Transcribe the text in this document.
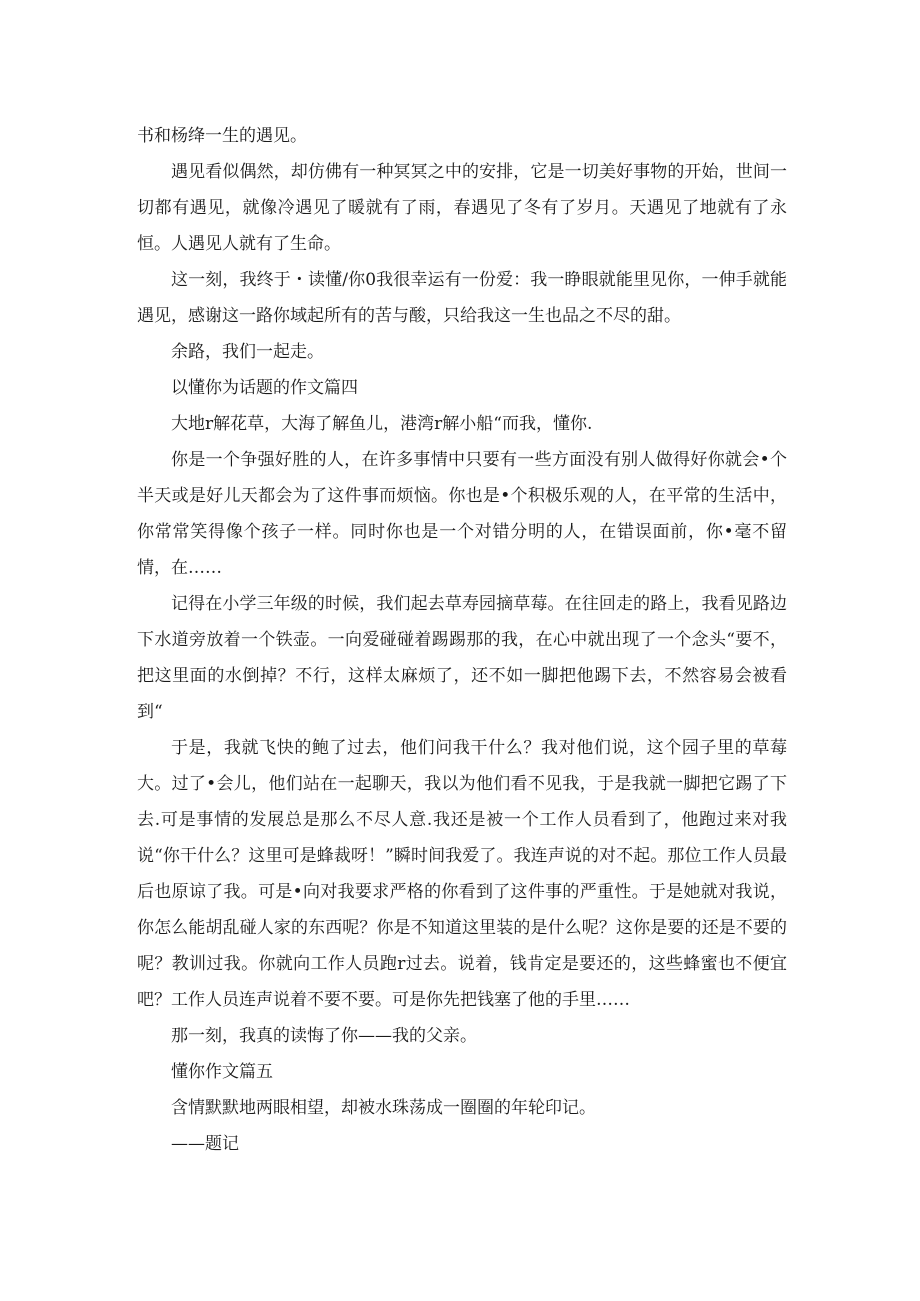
书和杨绛一生的遇见。

遇见看似偶然，却仿佛有一种冥冥之中的安排，它是一切美好事物的开始，世间一切都有遇见，就像冷遇见了暖就有了雨，春遇见了冬有了岁月。天遇见了地就有了永恒。人遇见人就有了生命。

这一刻，我终于・读懂/你0我很幸运有一份爱：我一睁眼就能里见你，一伸手就能遇见，感谢这一路你域起所有的苦与酸，只给我这一生也品之不尽的甜。

余路，我们一起走。

以懂你为话题的作文篇四

大地r解花草，大海了解鱼儿，港湾r解小船“而我，懂你.

你是一个争强好胜的人，在许多事情中只要有一些方面没有别人做得好你就会•个半天或是好儿天都会为了这件事而烦恼。你也是•个积极乐观的人，在平常的生活中，你常常笑得像个孩子一样。同时你也是一个对错分明的人，在错误面前，你•毫不留情，在……

记得在小学三年级的时候，我们起去草寿园摘草莓。在往回走的路上，我看见路边下水道旁放着一个铁壶。一向爱碰碰着踢踢那的我，在心中就出现了一个念头“要不，把这里面的水倒掉？不行，这样太麻烦了，还不如一脚把他踢下去，不然容易会被看到“

于是，我就飞快的鲍了过去，他们问我干什么？我对他们说，这个园子里的草莓大。过了•会儿，他们站在一起聊天，我以为他们看不见我，于是我就一脚把它踢了下去.可是事情的发展总是那么不尽人意.我还是被一个工作人员看到了，他跑过来对我说“你干什么？这里可是蜂裁呀！”瞬时间我爱了。我连声说的对不起。那位工作人员最后也原谅了我。可是•向对我要求严格的你看到了这件事的严重性。于是她就对我说，你怎么能胡乱碰人家的东西呢？你是不知道这里装的是什么呢？这你是要的还是不要的呢？教训过我。你就向工作人员跑r过去。说着，钱肯定是要还的，这些蜂蜜也不便宜吧？工作人员连声说着不要不要。可是你先把钱塞了他的手里……

那一刻，我真的读悔了你——我的父亲。

懂你作文篇五

含情默默地两眼相望，却被水珠荡成一圈圈的年轮印记。

——题记
